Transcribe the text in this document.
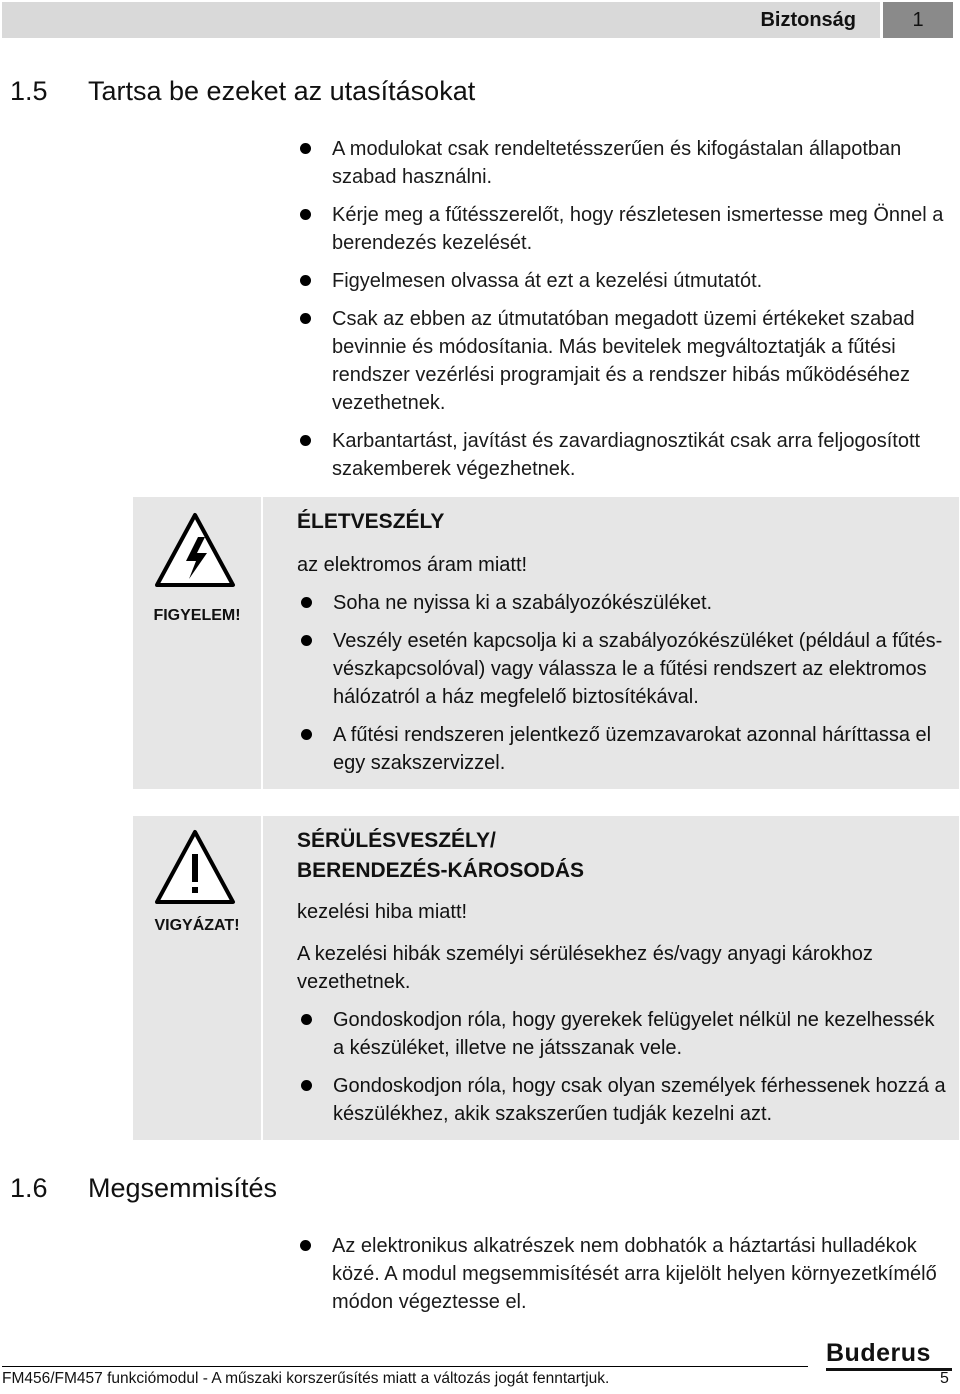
Biztonság	1
1.5 Tartsa be ezeket az utasításokat
A modulokat csak rendeltetésszerűen és kifogástalan állapotban szabad használni.
Kérje meg a fűtésszerelőt, hogy részletesen ismertesse meg Önnel a berendezés kezelését.
Figyelmesen olvassa át ezt a kezelési útmutatót.
Csak az ebben az útmutatóban megadott üzemi értékeket szabad bevinnie és módosítania. Más bevitelek megváltoztatják a fűtési rendszer vezérlési programjait és a rendszer hibás működéséhez vezethetnek.
Karbantartást, javítást és zavardiagnosztikát csak arra feljogosított szakemberek végezhetnek.
FIGYELEM!
ÉLETVESZÉLY
az elektromos áram miatt!
Soha ne nyissa ki a szabályozókészüléket.
Veszély esetén kapcsolja ki a szabályozókészüléket (például a fűtés-vészkapcsolóval) vagy válassza le a fűtési rendszert az elektromos hálózatról a ház megfelelő biztosítékával.
A fűtési rendszeren jelentkező üzemzavarokat azonnal háríttassa el egy szakszervizzel.
VIGYÁZAT!
SÉRÜLÉSVESZÉLY/
BERENDEZÉS-KÁROSODÁS
kezelési hiba miatt!
A kezelési hibák személyi sérülésekhez és/vagy anyagi károkhoz vezethetnek.
Gondoskodjon róla, hogy gyerekek felügyelet nélkül ne kezelhessék a készüléket, illetve ne játsszanak vele.
Gondoskodjon róla, hogy csak olyan személyek férhessenek hozzá a készülékhez, akik szakszerűen tudják kezelni azt.
1.6 Megsemmisítés
Az elektronikus alkatrészek nem dobhatók a háztartási hulladékok közé. A modul megsemmisítését arra kijelölt helyen környezetkímélő módon végeztesse el.
Buderus
FM456/FM457 funkciómodul - A műszaki korszerűsítés miatt a változás jogát fenntartjuk.	5
